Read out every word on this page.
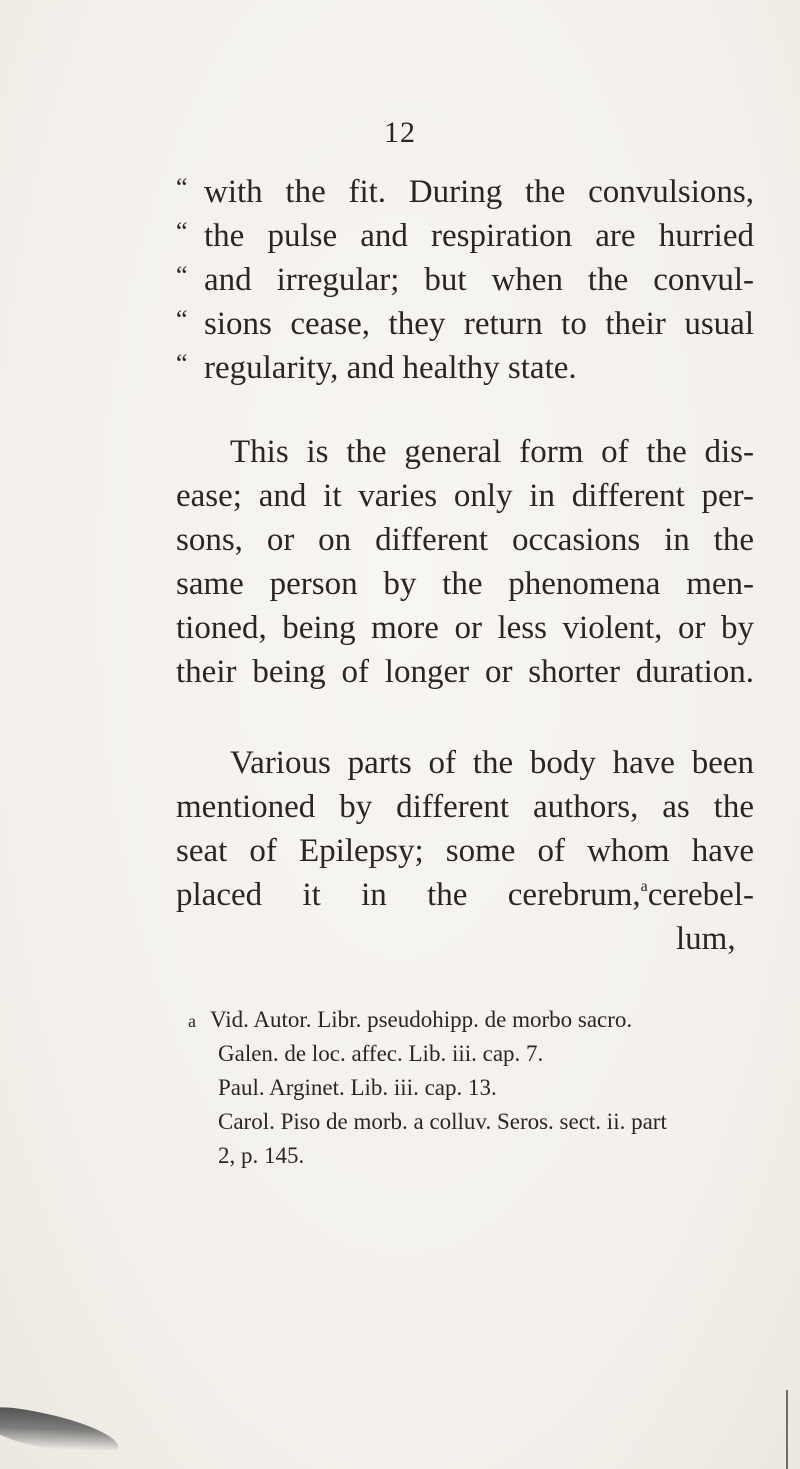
12
“ with the fit. During the convulsions,
“ the pulse and respiration are hurried
“ and irregular; but when the convul-
“ sions cease, they return to their usual
“ regularity, and healthy state.
This is the general form of the dis-
ease; and it varies only in different per-
sons, or on different occasions in the
same person by the phenomena men-
tioned, being more or less violent, or by
their being of longer or shorter duration.
Various parts of the body have been
mentioned by different authors, as the
seat of Epilepsy; some of whom have
placed it in the cerebrum,$^a$cerebel-
lum,
a Vid. Autor. Libr. pseudohipp. de morbo sacro.
Galen. de loc. affec. Lib. iii. cap. 7.
Paul. Arginet. Lib. iii. cap. 13.
Carol. Piso de morb. a colluv. Seros. sect. ii. part
2, p. 145.
